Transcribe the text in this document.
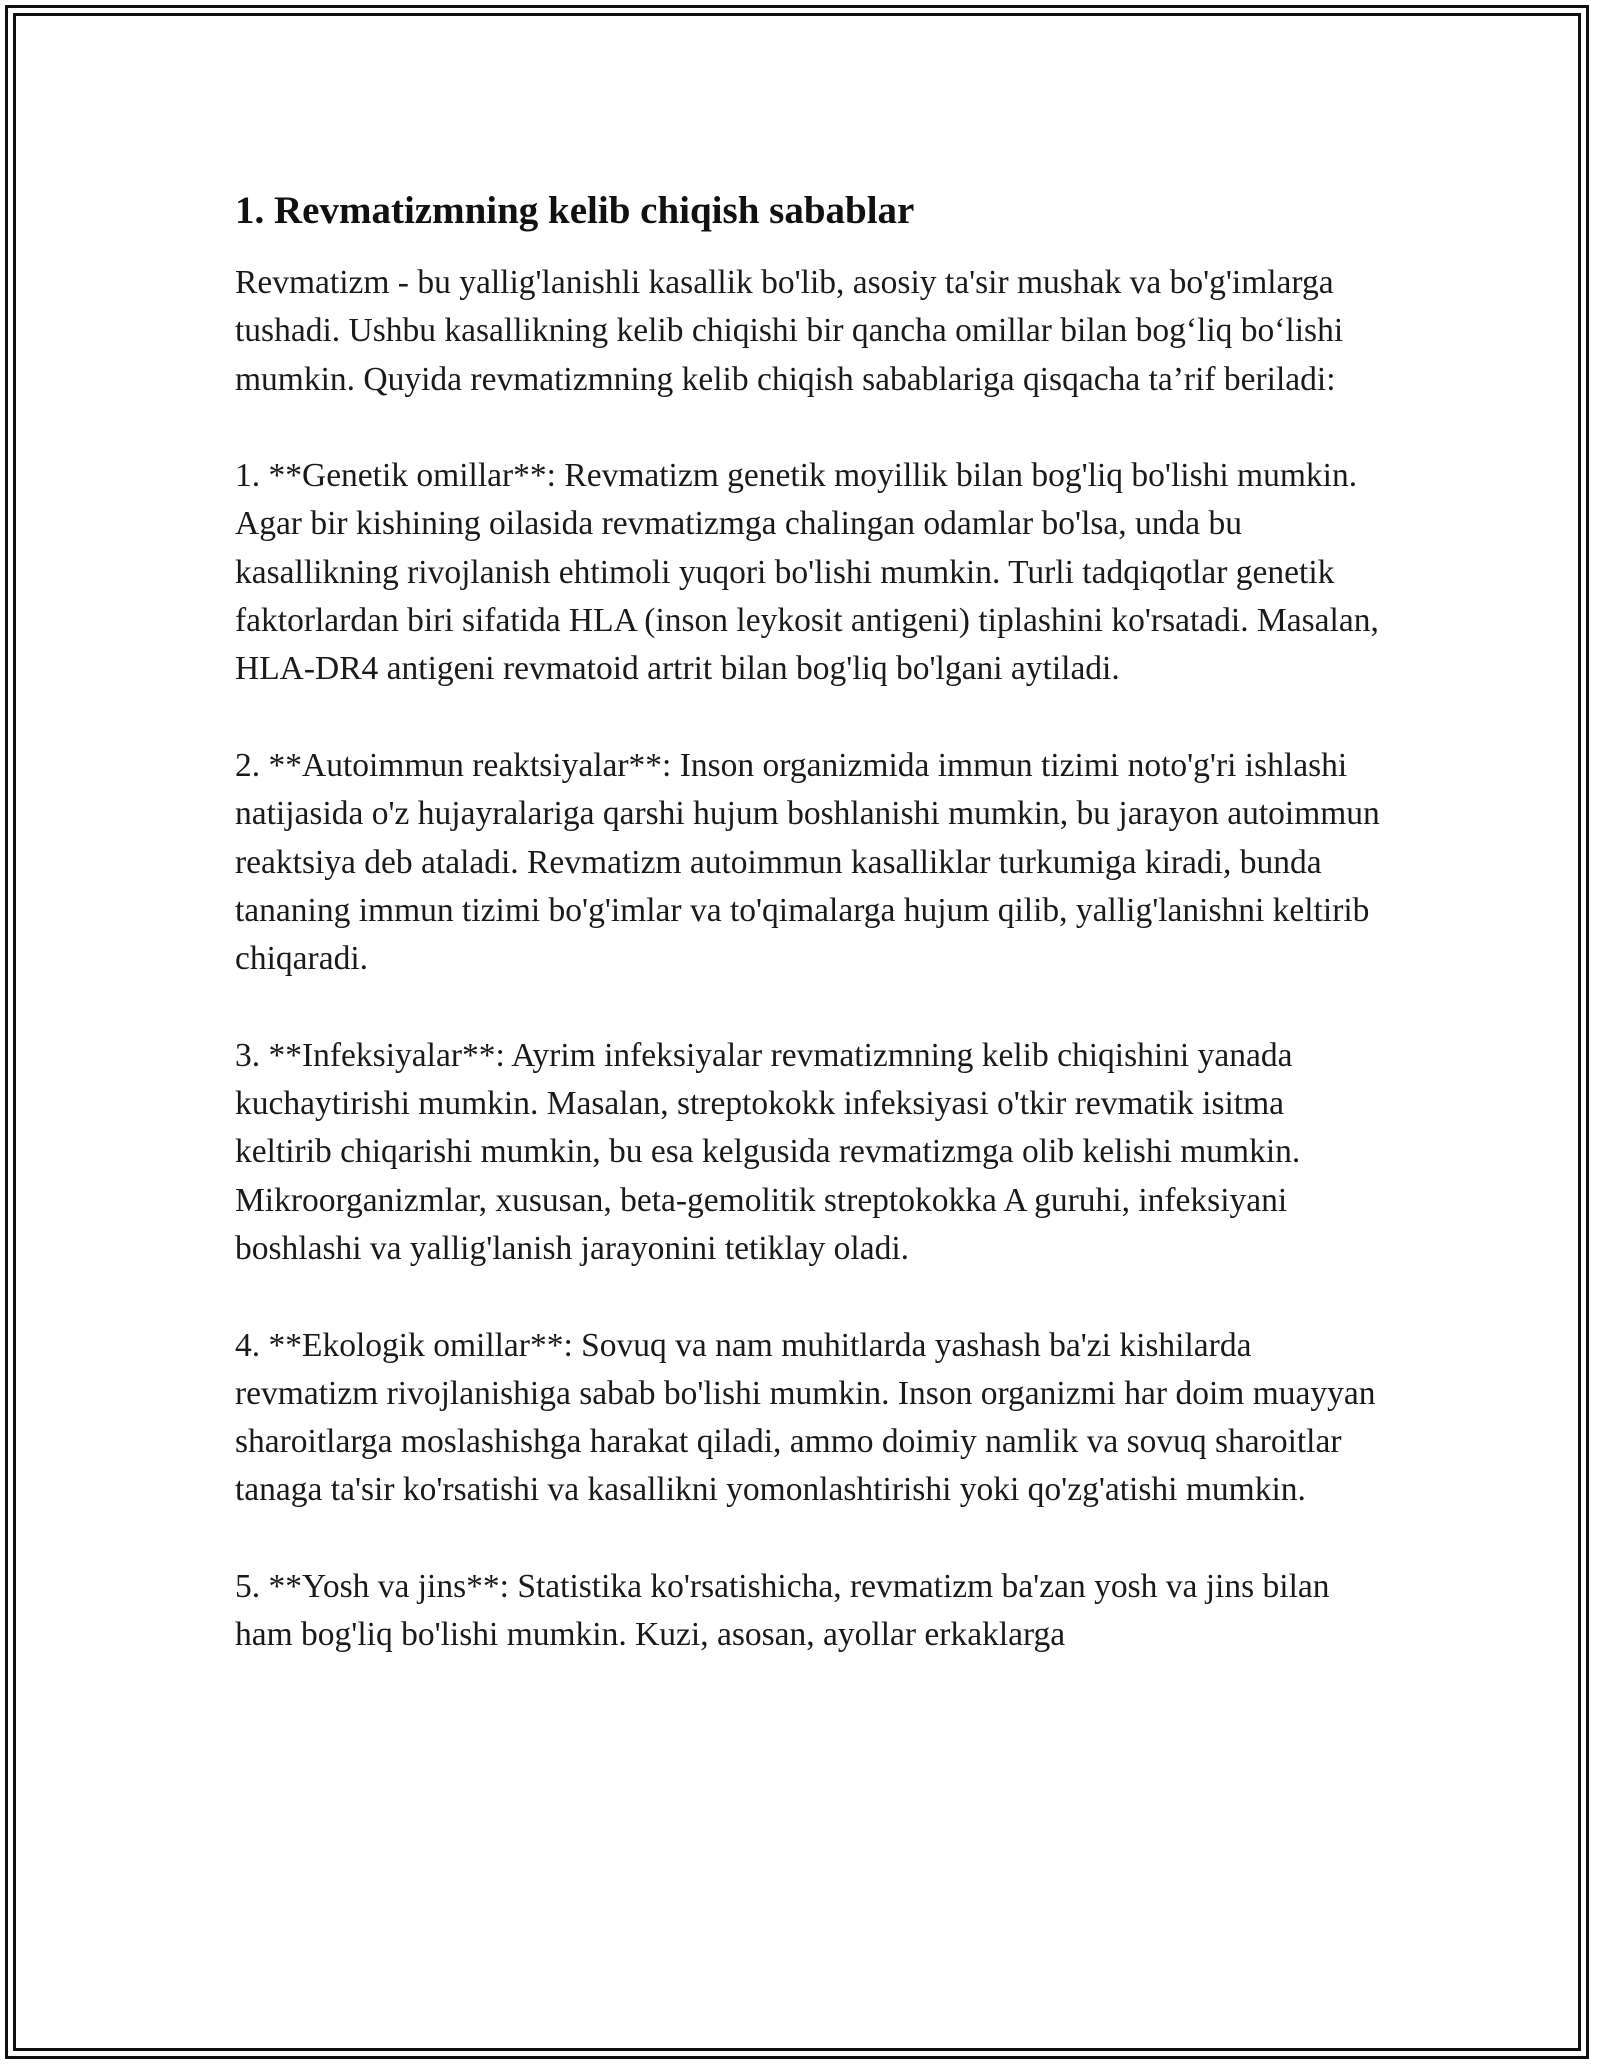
1. Revmatizmning kelib chiqish sabablar

Revmatizm - bu yallig'lanishli kasallik bo'lib, asosiy ta'sir mushak va bo'g'imlarga tushadi. Ushbu kasallikning kelib chiqishi bir qancha omillar bilan bog‘liq bo‘lishi mumkin. Quyida revmatizmning kelib chiqish sabablariga qisqacha ta’rif beriladi:

1. **Genetik omillar**: Revmatizm genetik moyillik bilan bog'liq bo'lishi mumkin. Agar bir kishining oilasida revmatizmga chalingan odamlar bo'lsa, unda bu kasallikning rivojlanish ehtimoli yuqori bo'lishi mumkin. Turli tadqiqotlar genetik faktorlardan biri sifatida HLA (inson leykosit antigeni) tiplashini ko'rsatadi. Masalan, HLA-DR4 antigeni revmatoid artrit bilan bog'liq bo'lgani aytiladi.

2. **Autoimmun reaktsiyalar**: Inson organizmida immun tizimi noto'g'ri ishlashi natijasida o'z hujayralariga qarshi hujum boshlanishi mumkin, bu jarayon autoimmun reaktsiya deb ataladi. Revmatizm autoimmun kasalliklar turkumiga kiradi, bunda tananing immun tizimi bo'g'imlar va to'qimalarga hujum qilib, yallig'lanishni keltirib chiqaradi.

3. **Infeksiyalar**: Ayrim infeksiyalar revmatizmning kelib chiqishini yanada kuchaytirishi mumkin. Masalan, streptokokk infeksiyasi o'tkir revmatik isitma keltirib chiqarishi mumkin, bu esa kelgusida revmatizmga olib kelishi mumkin. Mikroorganizmlar, xususan, beta-gemolitik streptokokka A guruhi, infeksiyani boshlashi va yallig'lanish jarayonini tetiklay oladi.

4. **Ekologik omillar**: Sovuq va nam muhitlarda yashash ba'zi kishilarda revmatizm rivojlanishiga sabab bo'lishi mumkin. Inson organizmi har doim muayyan sharoitlarga moslashishga harakat qiladi, ammo doimiy namlik va sovuq sharoitlar tanaga ta'sir ko'rsatishi va kasallikni yomonlashtirishi yoki qo'zg'atishi mumkin.

5. **Yosh va jins**: Statistika ko'rsatishicha, revmatizm ba'zan yosh va jins bilan ham bog'liq bo'lishi mumkin. Kuzi, asosan, ayollar erkaklarga
